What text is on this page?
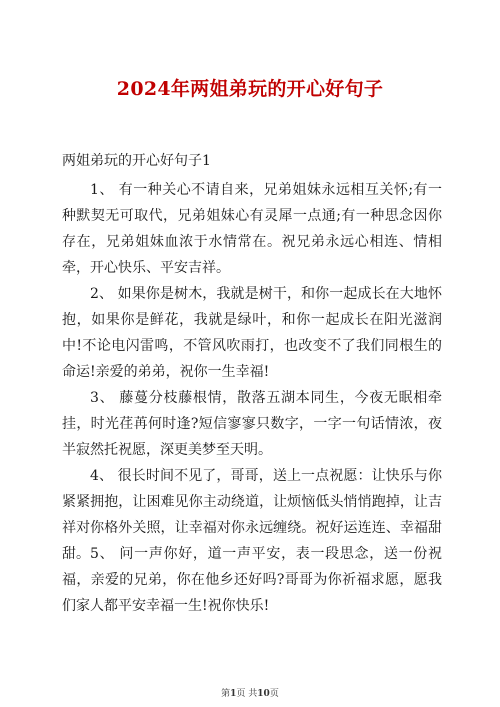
2024年两姐弟玩的开心好句子
两姐弟玩的开心好句子1

1、 有一种关心不请自来，兄弟姐妹永远相互关怀;有一种默契无可取代，兄弟姐妹心有灵犀一点通;有一种思念因你存在，兄弟姐妹血浓于水情常在。祝兄弟永远心相连、情相牵，开心快乐、平安吉祥。

2、 如果你是树木，我就是树干，和你一起成长在大地怀抱，如果你是鲜花，我就是绿叶，和你一起成长在阳光滋润中!不论电闪雷鸣，不管风吹雨打，也改变不了我们同根生的命运!亲爱的弟弟，祝你一生幸福!

3、 藤蔓分枝藤根情，散落五湖本同生，今夜无眠相牵挂，时光荏苒何时逢?短信寥寥只数字，一字一句话情浓，夜半寂然托祝愿，深更美梦至天明。

4、 很长时间不见了，哥哥，送上一点祝愿：让快乐与你紧紧拥抱，让困难见你主动绕道，让烦恼低头悄悄跑掉，让吉祥对你格外关照，让幸福对你永远缠绕。祝好运连连、幸福甜甜。 5、 问一声你好，道一声平安，表一段思念，送一份祝福，亲爱的兄弟，你在他乡还好吗?哥哥为你祈福求愿，愿我们家人都平安幸福一生!祝你快乐!

第1页 共10页
